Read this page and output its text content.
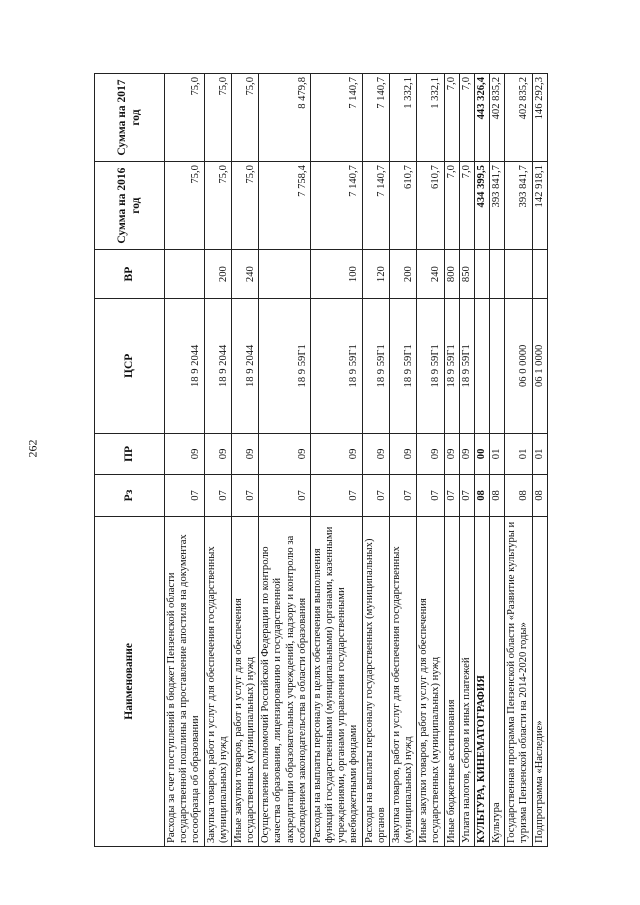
262
Наименование	Рз	ПР	ЦСР	ВР	Сумма на 2016 год	Сумма на 2017 год
Расходы за счет поступлений в бюджет Пензенской области государственной пошлины за проставление апостиля на документах госообразца об образовании	07	09	18 9 2044		75,0	75,0
Закупка товаров, работ и услуг для обеспечения государственных (муниципальных) нужд	07	09	18 9 2044	200	75,0	75,0
Иные закупки товаров, работ и услуг для обеспечения государственных (муниципальных) нужд	07	09	18 9 2044	240	75,0	75,0
Осуществление полномочий Российской Федерации по контролю качества образования, лицензированию и государственной аккредитации образовательных учреждений, надзору и контролю за соблюдением законодательства в области образования	07	09	18 9 59Г1		7 758,4	8 479,8
Расходы на выплаты персоналу в целях обеспечения выполнения функций государственными (муниципальными) органами, казенными учреждениями, органами управления государственными внебюджетными фондами	07	09	18 9 59Г1	100	7 140,7	7 140,7
Расходы на выплаты персоналу государственных (муниципальных) органов	07	09	18 9 59Г1	120	7 140,7	7 140,7
Закупка товаров, работ и услуг для обеспечения государственных (муниципальных) нужд	07	09	18 9 59Г1	200	610,7	1 332,1
Иные закупки товаров, работ и услуг для обеспечения государственных (муниципальных) нужд	07	09	18 9 59Г1	240	610,7	1 332,1
Иные бюджетные ассигнования	07	09	18 9 59Г1	800	7,0	7,0
Уплата налогов, сборов и иных платежей	07	09	18 9 59Г1	850	7,0	7,0
КУЛЬТУРА, КИНЕМАТОГРАФИЯ	08	00			434 399,5	443 326,4
Культура	08	01			393 841,7	402 835,2
Государственная программа Пензенской области «Развитие культуры и туризма Пензенской области на 2014-2020 годы»	08	01	06 0 0000		393 841,7	402 835,2
Подпрограмма «Наследие»	08	01	06 1 0000		142 918,1	146 292,3
